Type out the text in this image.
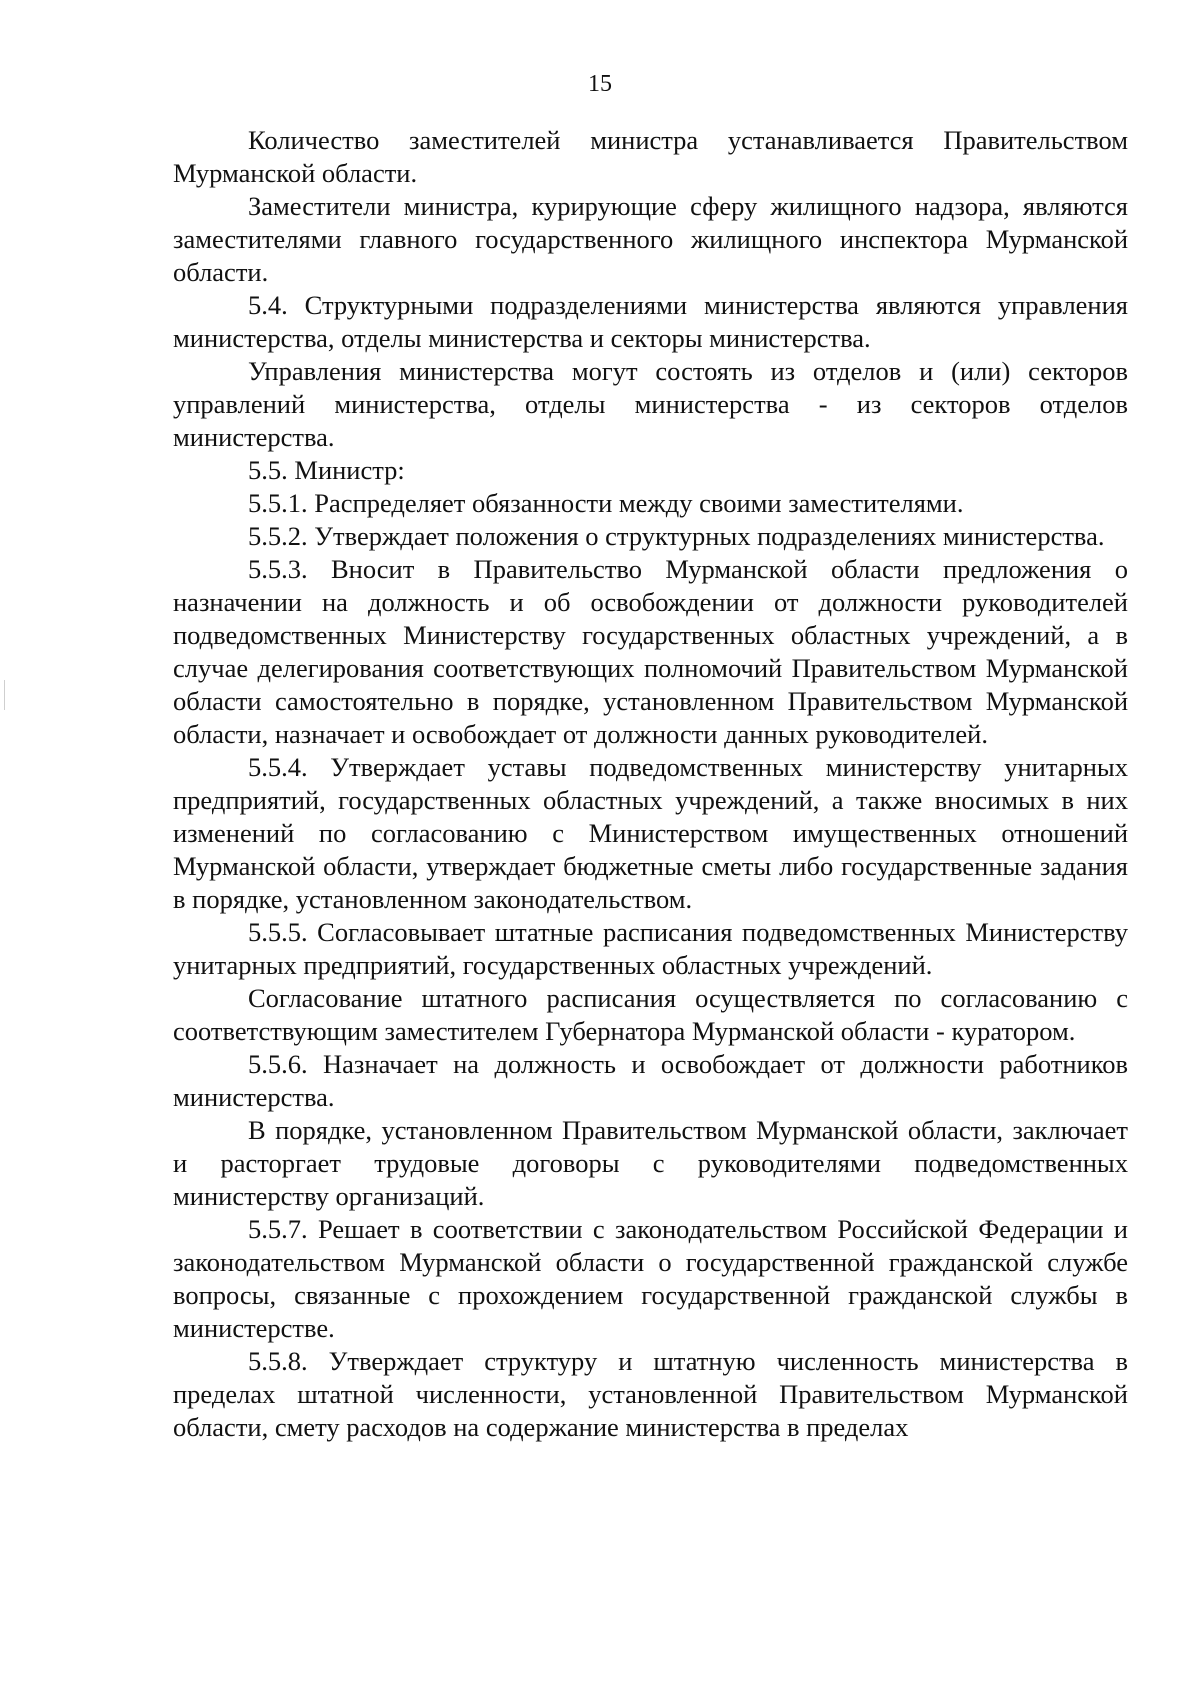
15

Количество заместителей министра устанавливается Правительством Мурманской области.

Заместители министра, курирующие сферу жилищного надзора, являются заместителями главного государственного жилищного инспектора Мурманской области.

5.4. Структурными подразделениями министерства являются управления министерства, отделы министерства и секторы министерства.

Управления министерства могут состоять из отделов и (или) секторов управлений министерства, отделы министерства - из секторов отделов министерства.

5.5. Министр:

5.5.1. Распределяет обязанности между своими заместителями.

5.5.2. Утверждает положения о структурных подразделениях министерства.

5.5.3. Вносит в Правительство Мурманской области предложения о назначении на должность и об освобождении от должности руководителей подведомственных Министерству государственных областных учреждений, а в случае делегирования соответствующих полномочий Правительством Мурманской области самостоятельно в порядке, установленном Правительством Мурманской области, назначает и освобождает от должности данных руководителей.

5.5.4. Утверждает уставы подведомственных министерству унитарных предприятий, государственных областных учреждений, а также вносимых в них изменений по согласованию с Министерством имущественных отношений Мурманской области, утверждает бюджетные сметы либо государственные задания в порядке, установленном законодательством.

5.5.5. Согласовывает штатные расписания подведомственных Министерству унитарных предприятий, государственных областных учреждений.

Согласование штатного расписания осуществляется по согласованию с соответствующим заместителем Губернатора Мурманской области - куратором.

5.5.6. Назначает на должность и освобождает от должности работников министерства.

В порядке, установленном Правительством Мурманской области, заключает и расторгает трудовые договоры с руководителями подведомственных министерству организаций.

5.5.7. Решает в соответствии с законодательством Российской Федерации и законодательством Мурманской области о государственной гражданской службе вопросы, связанные с прохождением государственной гражданской службы в министерстве.

5.5.8. Утверждает структуру и штатную численность министерства в пределах штатной численности, установленной Правительством Мурманской области, смету расходов на содержание министерства в пределах
